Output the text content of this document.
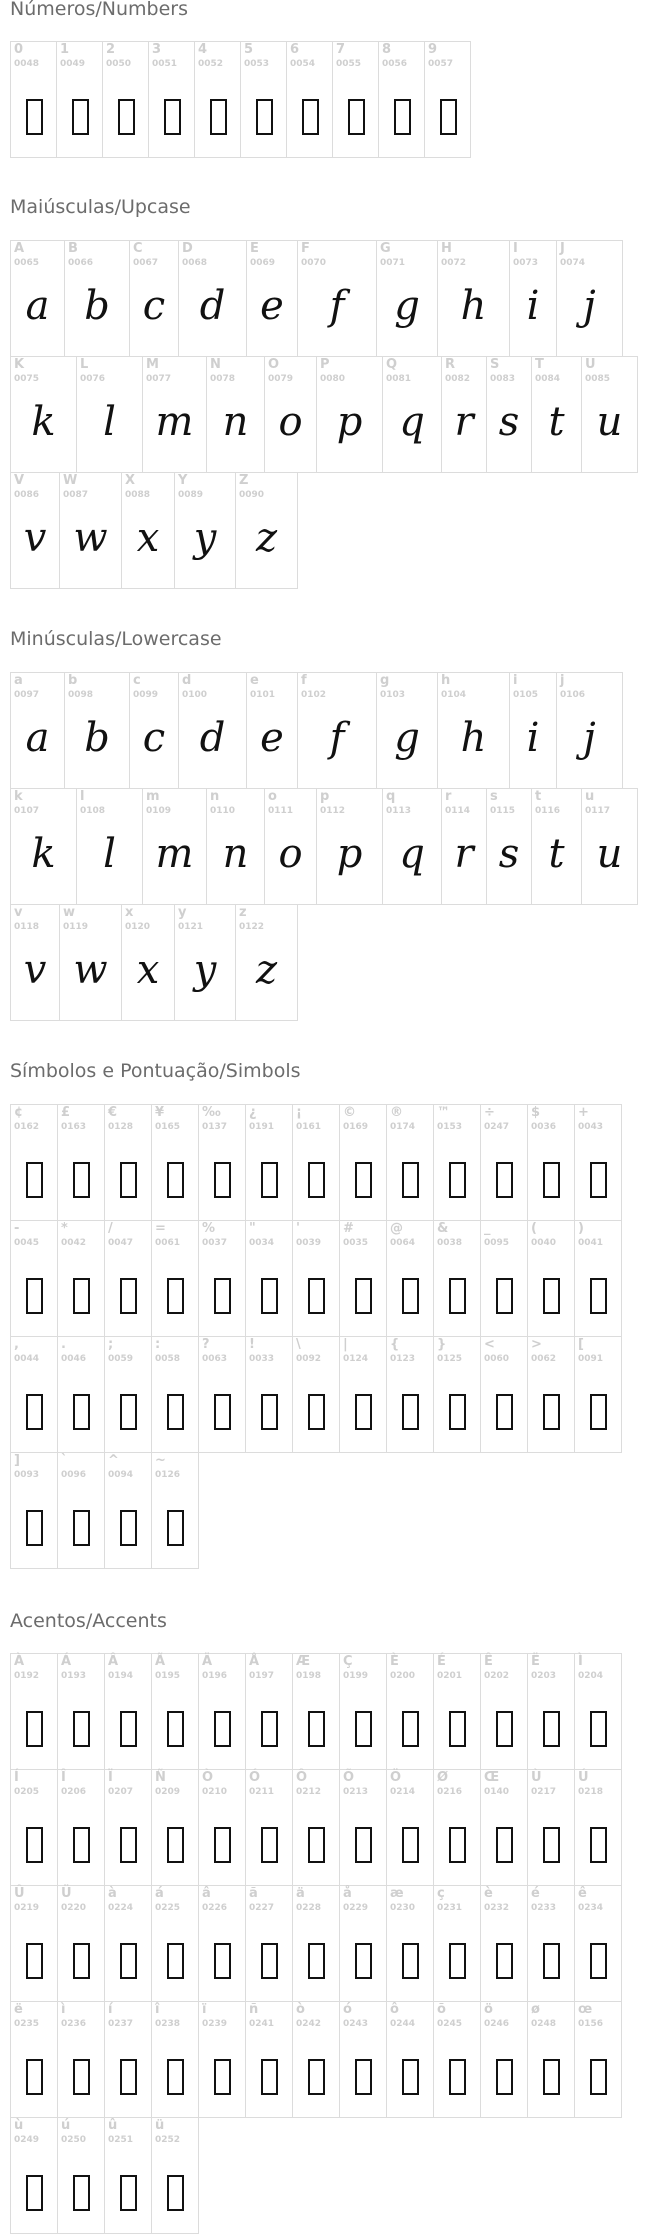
Números/Numbers
0
0048
1
0049
2
0050
3
0051
4
0052
5
0053
6
0054
7
0055
8
0056
9
0057
Maiúsculas/Upcase
A
0065
a
B
0066
b
C
0067
c
D
0068
d
E
0069
e
F
0070
f
G
0071
g
H
0072
h
I
0073
i
J
0074
j
K
0075
k
L
0076
l
M
0077
m
N
0078
n
O
0079
o
P
0080
p
Q
0081
q
R
0082
r
S
0083
s
T
0084
t
U
0085
u
V
0086
v
W
0087
w
X
0088
x
Y
0089
y
Z
0090
z
Minúsculas/Lowercase
a
0097
a
b
0098
b
c
0099
c
d
0100
d
e
0101
e
f
0102
f
g
0103
g
h
0104
h
i
0105
i
j
0106
j
k
0107
k
l
0108
l
m
0109
m
n
0110
n
o
0111
o
p
0112
p
q
0113
q
r
0114
r
s
0115
s
t
0116
t
u
0117
u
v
0118
v
w
0119
w
x
0120
x
y
0121
y
z
0122
z
Símbolos e Pontuação/Simbols
¢
0162
£
0163
€
0128
¥
0165
‰
0137
¿
0191
¡
0161
©
0169
®
0174
™
0153
÷
0247
$
0036
+
0043
-
0045
*
0042
/
0047
=
0061
%
0037
"
0034
'
0039
#
0035
@
0064
&
0038
_
0095
(
0040
)
0041
,
0044
.
0046
;
0059
:
0058
?
0063
!
0033
\
0092
|
0124
{
0123
}
0125
<
0060
>
0062
[
0091
]
0093
`
0096
^
0094
~
0126
Acentos/Accents
À
0192
Á
0193
Â
0194
Ã
0195
Ä
0196
Å
0197
Æ
0198
Ç
0199
È
0200
É
0201
Ê
0202
Ë
0203
Ì
0204
Í
0205
Î
0206
Ï
0207
Ñ
0209
Ò
0210
Ó
0211
Ô
0212
Õ
0213
Ö
0214
Ø
0216
Œ
0140
Ù
0217
Ú
0218
Û
0219
Ü
0220
à
0224
á
0225
â
0226
ã
0227
ä
0228
å
0229
æ
0230
ç
0231
è
0232
é
0233
ê
0234
ë
0235
ì
0236
í
0237
î
0238
ï
0239
ñ
0241
ò
0242
ó
0243
ô
0244
õ
0245
ö
0246
ø
0248
œ
0156
ù
0249
ú
0250
û
0251
ü
0252
